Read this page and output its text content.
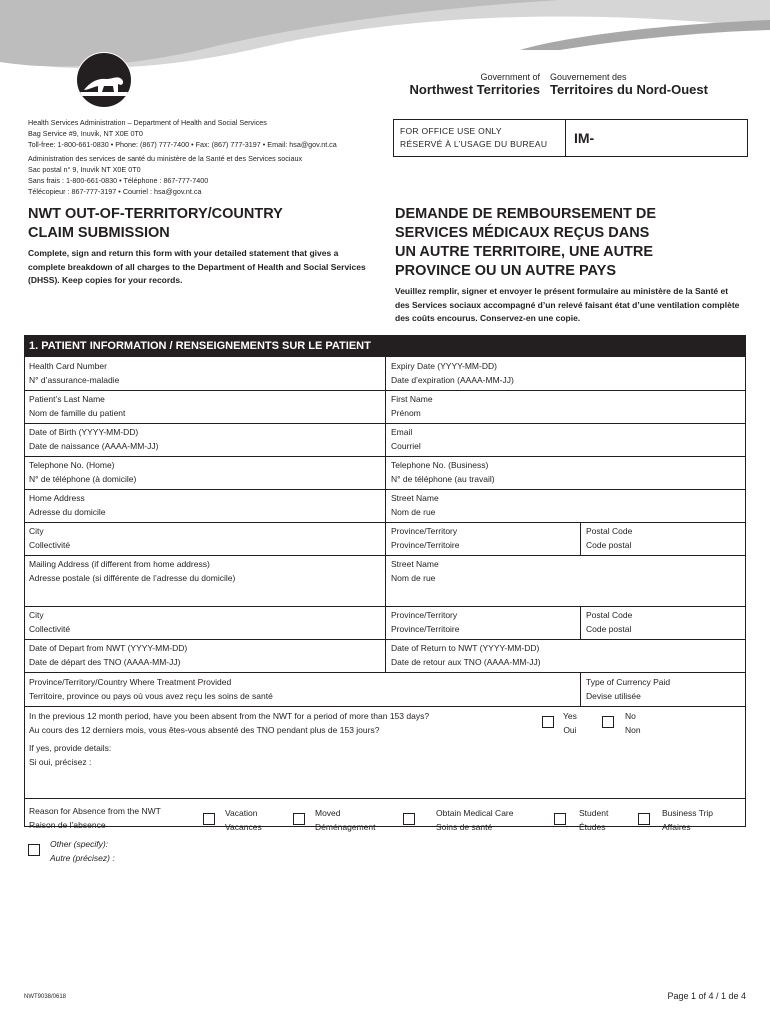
Government of
Northwest Territories
Gouvernement des
Territoires du Nord-Ouest
Health Services Administration – Department of Health and Social Services
Bag Service #9, Inuvik, NT X0E 0T0
Toll-free: 1-800-661-0830 • Phone: (867) 777-7400 • Fax: (867) 777-3197 • Email: hsa@gov.nt.ca
Administration des services de santé du ministère de la Santé et des Services sociaux
Sac postal n° 9, Inuvik NT X0E 0T0
Sans frais : 1-800-661-0830 • Téléphone : 867-777-7400
Télécopieur : 867-777-3197 • Courriel : hsa@gov.nt.ca
FOR OFFICE USE ONLY
RÉSERVÉ À L’USAGE DU BUREAU IM-
NWT OUT-OF-TERRITORY/COUNTRY
CLAIM SUBMISSION
DEMANDE DE REMBOURSEMENT DE
SERVICES MÉDICAUX REÇUS DANS
UN AUTRE TERRITOIRE, UNE AUTRE
PROVINCE OU UN AUTRE PAYS
Complete, sign and return this form with your detailed statement that gives a complete breakdown of all charges to the Department of Health and Social Services (DHSS). Keep copies for your records.
Veuillez remplir, signer et envoyer le présent formulaire au ministère de la Santé et des Services sociaux accompagné d’un relevé faisant état d’une ventilation complète des coûts encourus. Conservez-en une copie.
1. PATIENT INFORMATION / RENSEIGNEMENTS SUR LE PATIENT
Health Card Number
N° d’assurance-maladie
Expiry Date (YYYY-MM-DD)
Date d’expiration (AAAA-MM-JJ)
Patient’s Last Name
Nom de famille du patient
First Name
Prénom
Date of Birth (YYYY-MM-DD)
Date de naissance (AAAA-MM-JJ)
Email
Courriel
Telephone No. (Home)
N° de téléphone (à domicile)
Telephone No. (Business)
N° de téléphone (au travail)
Home Address
Adresse du domicile
Street Name
Nom de rue
City
Collectivité
Province/Territory
Province/Territoire
Postal Code
Code postal
Mailing Address (if different from home address)
Adresse postale (si différente de l’adresse du domicile)
Street Name
Nom de rue
City
Collectivité
Province/Territory
Province/Territoire
Postal Code
Code postal
Date of Depart from NWT (YYYY-MM-DD)
Date de départ des TNO (AAAA-MM-JJ)
Date of Return to NWT (YYYY-MM-DD)
Date de retour aux TNO (AAAA-MM-JJ)
Province/Territory/Country Where Treatment Provided
Territoire, province ou pays où vous avez reçu les soins de santé
Type of Currency Paid
Devise utilisée
In the previous 12 month period, have you been absent from the NWT for a period of more than 153 days?
Au cours des 12 derniers mois, vous êtes-vous absenté des TNO pendant plus de 153 jours?
Yes
Oui
No
Non
If yes, provide details:
Si oui, précisez :
Reason for Absence from the NWT
Raison de l’absence
Vacation
Vacances
Moved
Déménagement
Obtain Medical Care
Soins de santé
Student
Études
Business Trip
Affaires
Other (specify):
Autre (précisez) :
NWT9038/0618	Page 1 of 4 / 1 de 4
